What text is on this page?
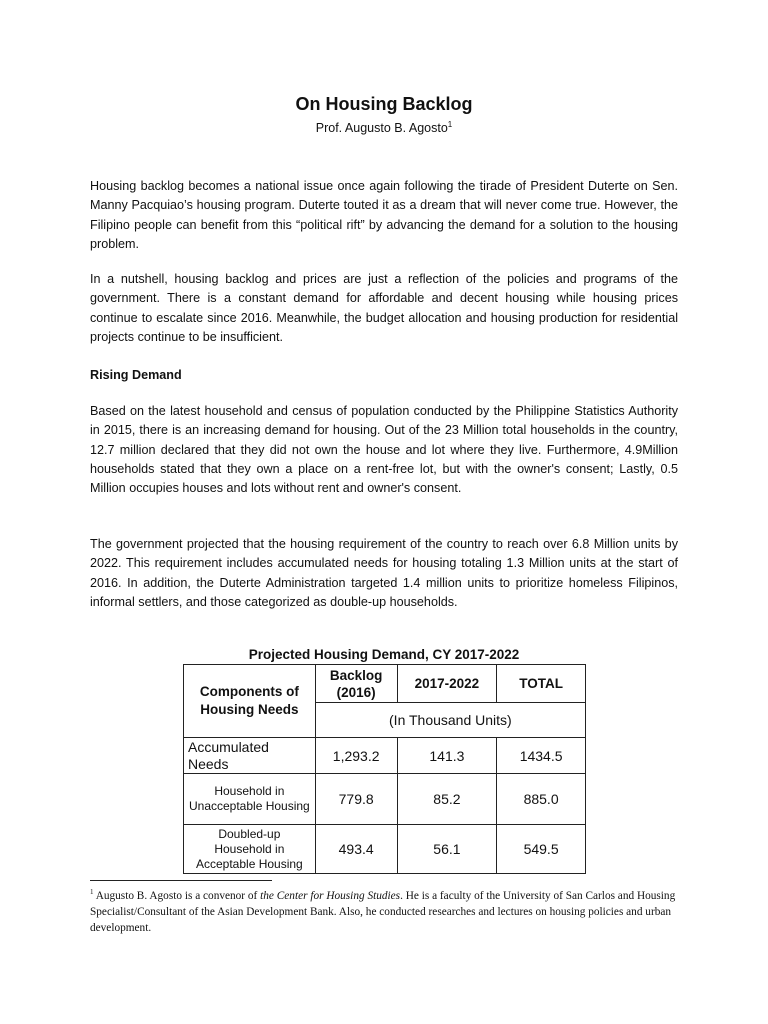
On Housing Backlog
Prof. Augusto B. Agosto$^1$

Housing backlog becomes a national issue once again following the tirade of President Duterte on Sen. Manny Pacquiao’s housing program. Duterte touted it as a dream that will never come true. However, the Filipino people can benefit from this “political rift” by advancing the demand for a solution to the housing problem.

In a nutshell, housing backlog and prices are just a reflection of the policies and programs of the government. There is a constant demand for affordable and decent housing while housing prices continue to escalate since 2016. Meanwhile, the budget allocation and housing production for residential projects continue to be insufficient.

Rising Demand

Based on the latest household and census of population conducted by the Philippine Statistics Authority in 2015, there is an increasing demand for housing. Out of the 23 Million total households in the country, 12.7 million declared that they did not own the house and lot where they live. Furthermore, 4.9Million households stated that they own a place on a rent-free lot, but with the owner's consent; Lastly, 0.5 Million occupies houses and lots without rent and owner's consent.

The government projected that the housing requirement of the country to reach over 6.8 Million units by 2022. This requirement includes accumulated needs for housing totaling 1.3 Million units at the start of 2016. In addition, the Duterte Administration targeted 1.4 million units to prioritize homeless Filipinos, informal settlers, and those categorized as double-up households.

Projected Housing Demand, CY 2017-2022
Components of Housing Needs	Backlog (2016)	2017-2022	TOTAL
	(In Thousand Units)		
Accumulated Needs	1,293.2	141.3	1434.5
Household in Unacceptable Housing	779.8	85.2	885.0
Doubled-up Household in Acceptable Housing	493.4	56.1	549.5
$^1$ Augusto B. Agosto is a convenor of the Center for Housing Studies. He is a faculty of the University of San Carlos and Housing Specialist/Consultant of the Asian Development Bank. Also, he conducted researches and lectures on housing policies and urban development.
